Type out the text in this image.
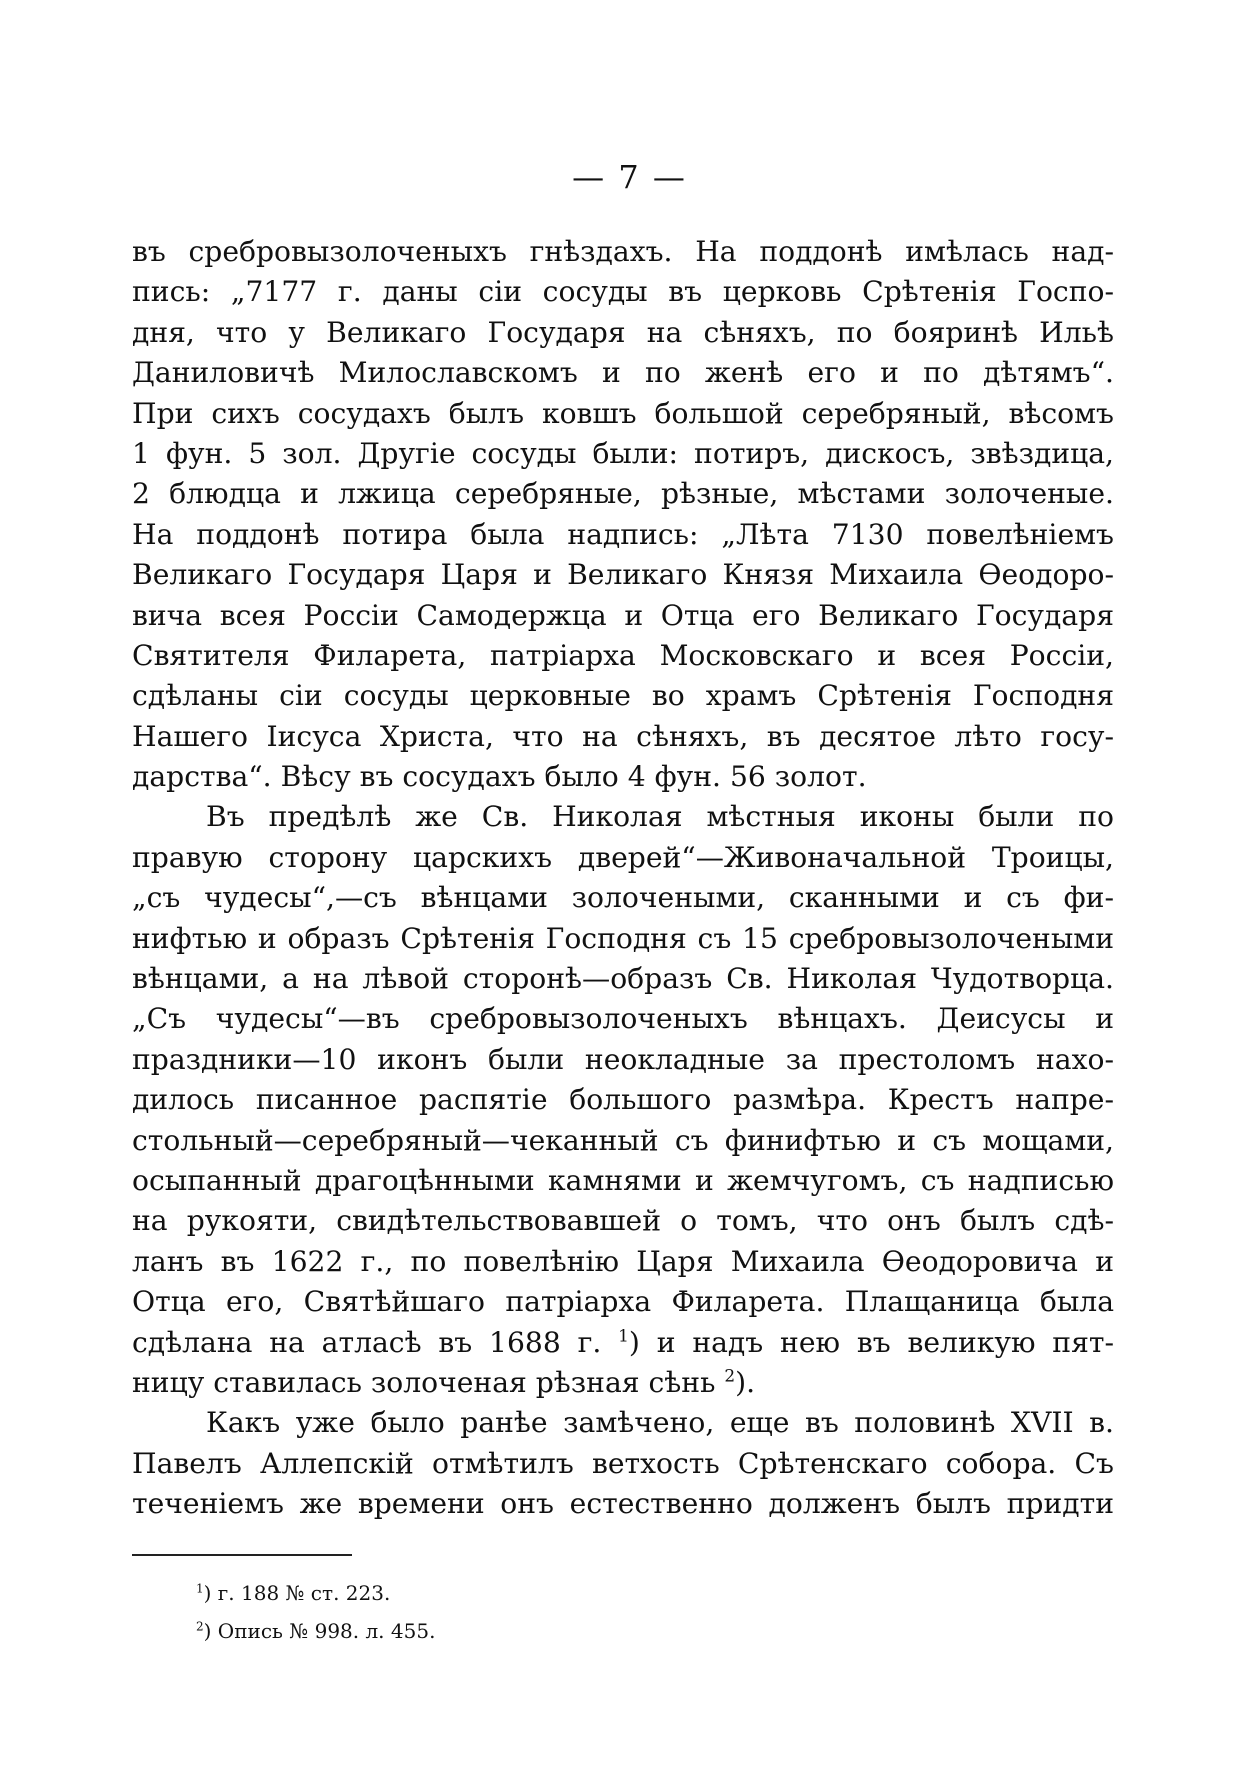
— 7 —
въ сребровызолоченыхъ гнѣздахъ. На поддонѣ имѣлась над-
пись: „7177 г. даны сіи сосуды въ церковь Срѣтенія Госпо-
дня, что у Великаго Государя на сѣняхъ, по бояринѣ Ильѣ
Даниловичѣ Милославскомъ и по женѣ его и по дѣтямъ“.
При сихъ сосудахъ былъ ковшъ большой серебряный, вѣсомъ
1 фун. 5 зол. Другіе сосуды были: потиръ, дискосъ, звѣздица,
2 блюдца и лжица серебряные, рѣзные, мѣстами золоченые.
На поддонѣ потира была надпись: „Лѣта 7130 повелѣніемъ
Великаго Государя Царя и Великаго Князя Михаила Ѳеодоро-
вича всея Россіи Самодержца и Отца его Великаго Государя
Святителя Филарета, патріарха Московскаго и всея Россіи,
сдѣланы сіи сосуды церковные во храмъ Срѣтенія Господня
Нашего Іисуса Христа, что на сѣняхъ, въ десятое лѣто госу-
дарства“. Вѣсу въ сосудахъ было 4 фун. 56 золот.
Въ предѣлѣ же Св. Николая мѣстныя иконы были по
правую сторону царскихъ дверей“—Живоначальной Троицы,
„съ чудесы“,—съ вѣнцами золочеными, сканными и съ фи-
нифтью и образъ Срѣтенія Господня съ 15 сребровызолочеными
вѣнцами, а на лѣвой сторонѣ—образъ Св. Николая Чудотворца.
„Съ чудесы“—въ сребровызолоченыхъ вѣнцахъ. Деисусы и
праздники—10 иконъ были неокладные за престоломъ нахо-
дилось писанное распятіе большого размѣра. Крестъ напре-
стольный—серебряный—чеканный съ финифтью и съ мощами,
осыпанный драгоцѣнными камнями и жемчугомъ, съ надписью
на рукояти, свидѣтельствовавшей о томъ, что онъ былъ сдѣ-
ланъ въ 1622 г., по повелѣнію Царя Михаила Ѳеодоровича и
Отца его, Святѣйшаго патріарха Филарета. Плащаница была
сдѣлана на атласѣ въ 1688 г. $^1$) и надъ нею въ великую пят-
ницу ставилась золоченая рѣзная сѣнь $^2$).
Какъ уже было ранѣе замѣчено, еще въ половинѣ XVII в.
Павелъ Аллепскій отмѣтилъ ветхость Срѣтенскаго собора. Съ
теченіемъ же времени онъ естественно долженъ былъ придти
$^1$) г. 188 № ст. 223.
$^2$) Опись № 998. л. 455.
